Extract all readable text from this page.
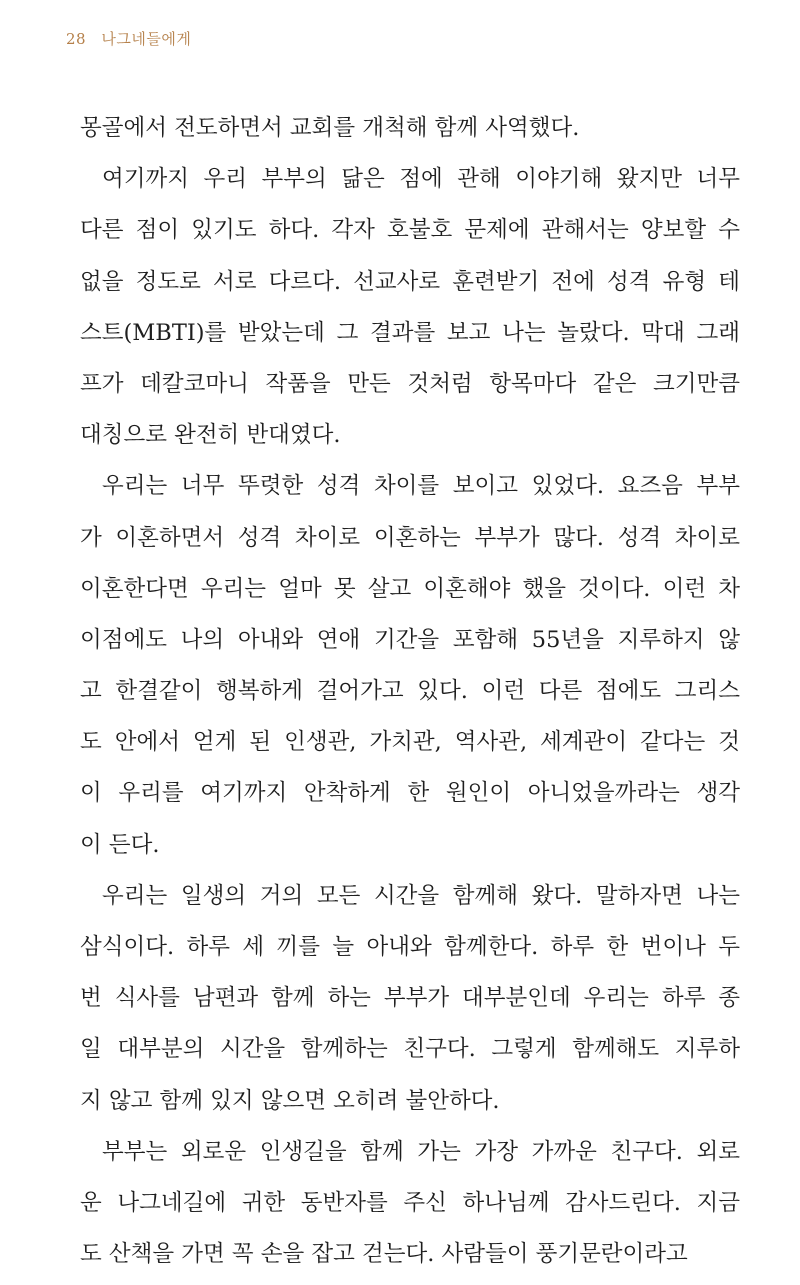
28 나그네들에게
몽골에서 전도하면서 교회를 개척해 함께 사역했다.
여기까지 우리 부부의 닮은 점에 관해 이야기해 왔지만 너무
다른 점이 있기도 하다. 각자 호불호 문제에 관해서는 양보할 수
없을 정도로 서로 다르다. 선교사로 훈련받기 전에 성격 유형 테
스트(MBTI)를 받았는데 그 결과를 보고 나는 놀랐다. 막대 그래
프가 데칼코마니 작품을 만든 것처럼 항목마다 같은 크기만큼
대칭으로 완전히 반대였다.
우리는 너무 뚜렷한 성격 차이를 보이고 있었다. 요즈음 부부
가 이혼하면서 성격 차이로 이혼하는 부부가 많다. 성격 차이로
이혼한다면 우리는 얼마 못 살고 이혼해야 했을 것이다. 이런 차
이점에도 나의 아내와 연애 기간을 포함해 55년을 지루하지 않
고 한결같이 행복하게 걸어가고 있다. 이런 다른 점에도 그리스
도 안에서 얻게 된 인생관, 가치관, 역사관, 세계관이 같다는 것
이 우리를 여기까지 안착하게 한 원인이 아니었을까라는 생각
이 든다.
우리는 일생의 거의 모든 시간을 함께해 왔다. 말하자면 나는
삼식이다. 하루 세 끼를 늘 아내와 함께한다. 하루 한 번이나 두
번 식사를 남편과 함께 하는 부부가 대부분인데 우리는 하루 종
일 대부분의 시간을 함께하는 친구다. 그렇게 함께해도 지루하
지 않고 함께 있지 않으면 오히려 불안하다.
부부는 외로운 인생길을 함께 가는 가장 가까운 친구다. 외로
운 나그네길에 귀한 동반자를 주신 하나님께 감사드린다. 지금
도 산책을 가면 꼭 손을 잡고 걷는다. 사람들이 풍기문란이라고
